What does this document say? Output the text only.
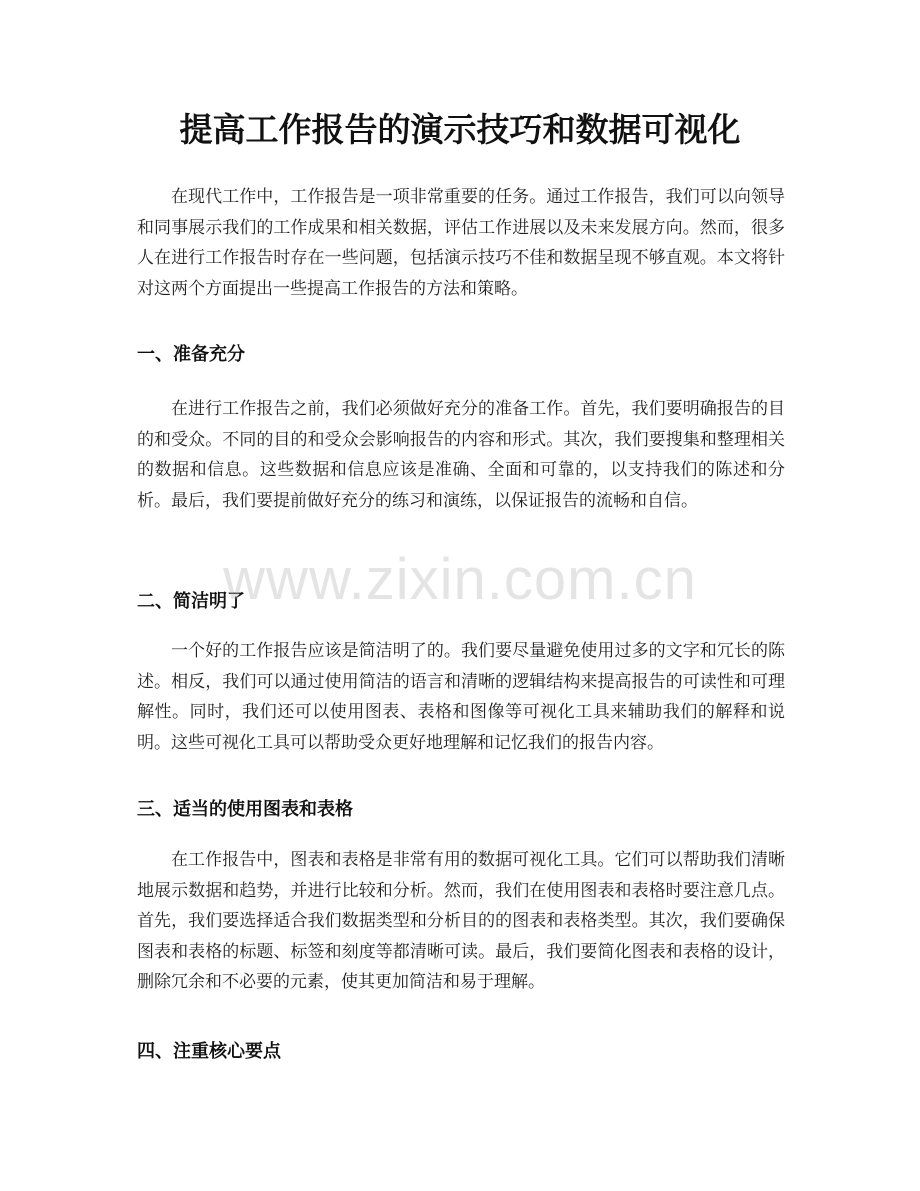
提高工作报告的演示技巧和数据可视化
在现代工作中，工作报告是一项非常重要的任务。通过工作报告，我们可以向领导和同事展示我们的工作成果和相关数据，评估工作进展以及未来发展方向。然而，很多人在进行工作报告时存在一些问题，包括演示技巧不佳和数据呈现不够直观。本文将针对这两个方面提出一些提高工作报告的方法和策略。
一、准备充分
在进行工作报告之前，我们必须做好充分的准备工作。首先，我们要明确报告的目的和受众。不同的目的和受众会影响报告的内容和形式。其次，我们要搜集和整理相关的数据和信息。这些数据和信息应该是准确、全面和可靠的，以支持我们的陈述和分析。最后，我们要提前做好充分的练习和演练，以保证报告的流畅和自信。
二、简洁明了
一个好的工作报告应该是简洁明了的。我们要尽量避免使用过多的文字和冗长的陈述。相反，我们可以通过使用简洁的语言和清晰的逻辑结构来提高报告的可读性和可理解性。同时，我们还可以使用图表、表格和图像等可视化工具来辅助我们的解释和说明。这些可视化工具可以帮助受众更好地理解和记忆我们的报告内容。
三、适当的使用图表和表格
在工作报告中，图表和表格是非常有用的数据可视化工具。它们可以帮助我们清晰地展示数据和趋势，并进行比较和分析。然而，我们在使用图表和表格时要注意几点。首先，我们要选择适合我们数据类型和分析目的的图表和表格类型。其次，我们要确保图表和表格的标题、标签和刻度等都清晰可读。最后，我们要简化图表和表格的设计，删除冗余和不必要的元素，使其更加简洁和易于理解。
四、注重核心要点
www.zixin.com.cn
